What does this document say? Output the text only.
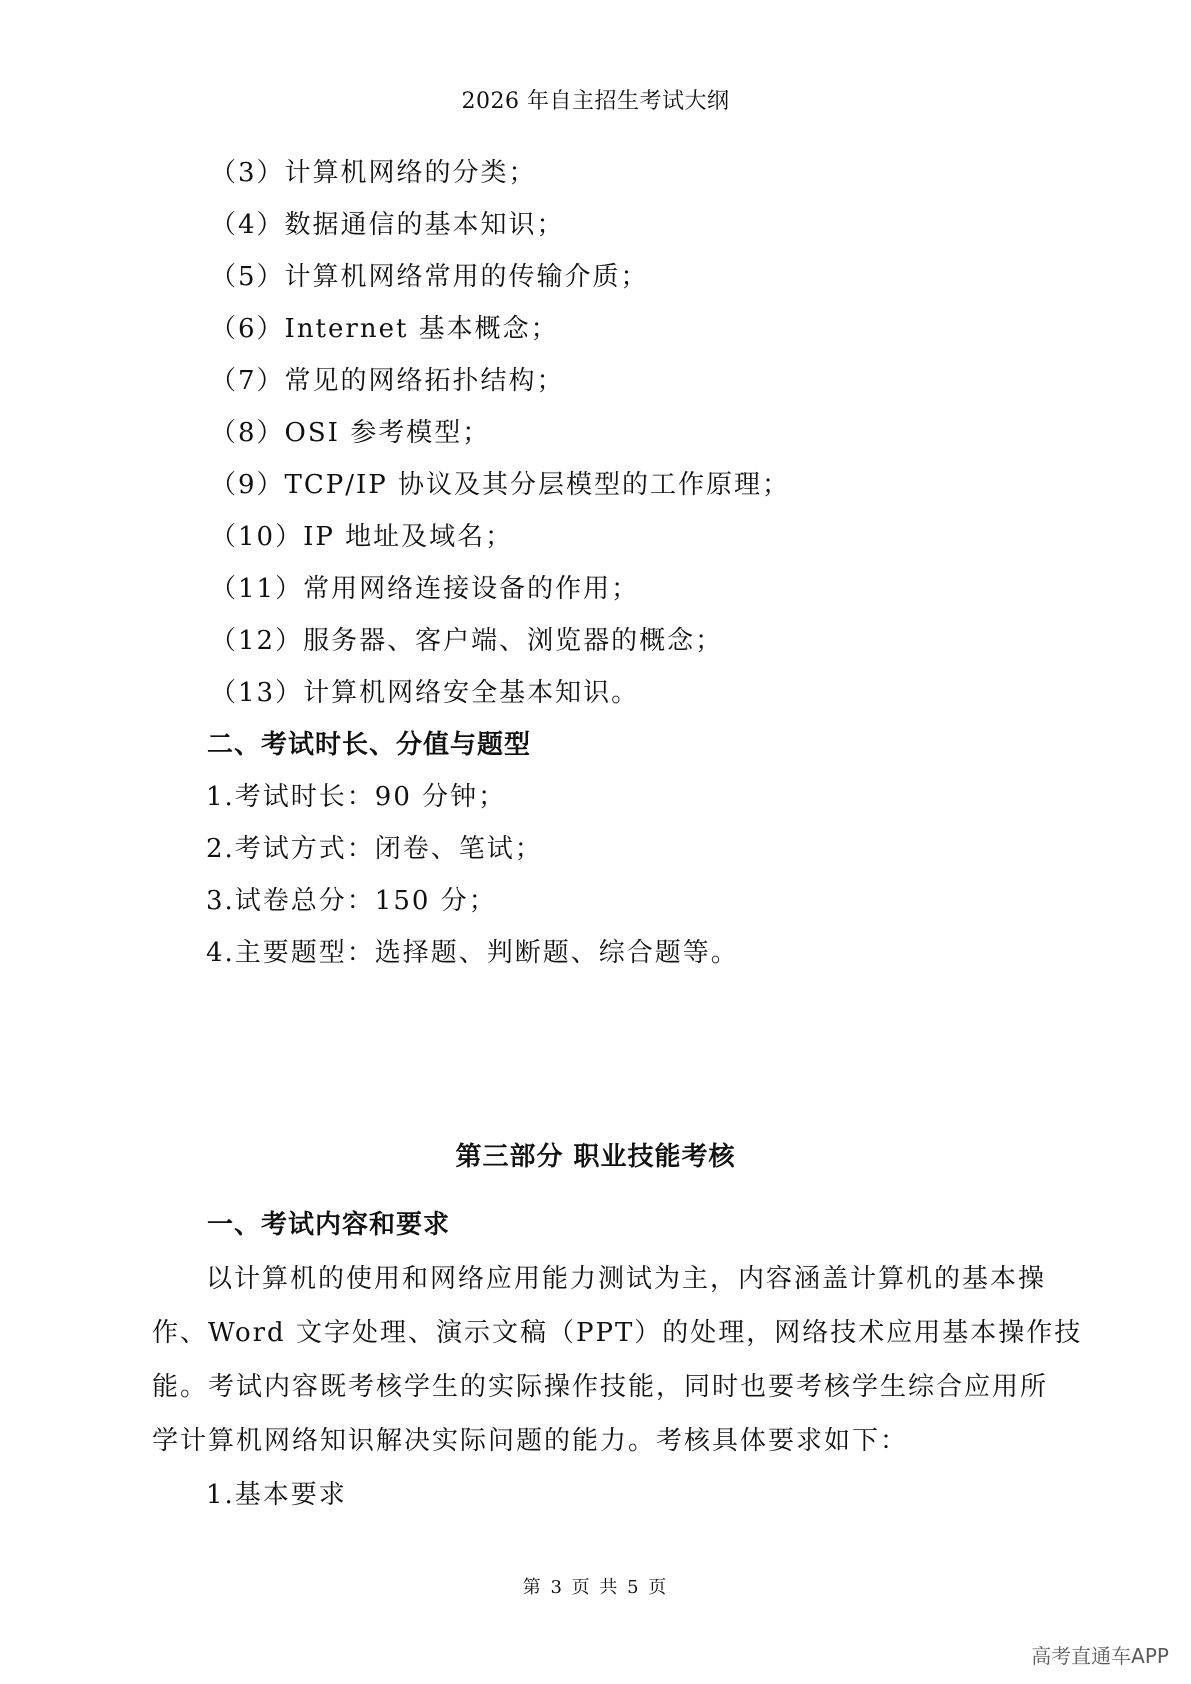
2026 年自主招生考试大纲

（3）计算机网络的分类；

（4）数据通信的基本知识；

（5）计算机网络常用的传输介质；

（6）Internet 基本概念；

（7）常见的网络拓扑结构；

（8）OSI 参考模型；

（9）TCP/IP 协议及其分层模型的工作原理；

（10）IP 地址及域名；

（11）常用网络连接设备的作用；

（12）服务器、客户端、浏览器的概念；

（13）计算机网络安全基本知识。

二、考试时长、分值与题型

1.考试时长：90 分钟；

2.考试方式：闭卷、笔试；

3.试卷总分：150 分；

4.主要题型：选择题、判断题、综合题等。

第三部分 职业技能考核
一、考试内容和要求

以计算机的使用和网络应用能力测试为主，内容涵盖计算机的基本操

作、Word 文字处理、演示文稿（PPT）的处理，网络技术应用基本操作技

能。考试内容既考核学生的实际操作技能，同时也要考核学生综合应用所

学计算机网络知识解决实际问题的能力。考核具体要求如下：

1.基本要求

第 3 页 共 5 页

高考直通车APP
